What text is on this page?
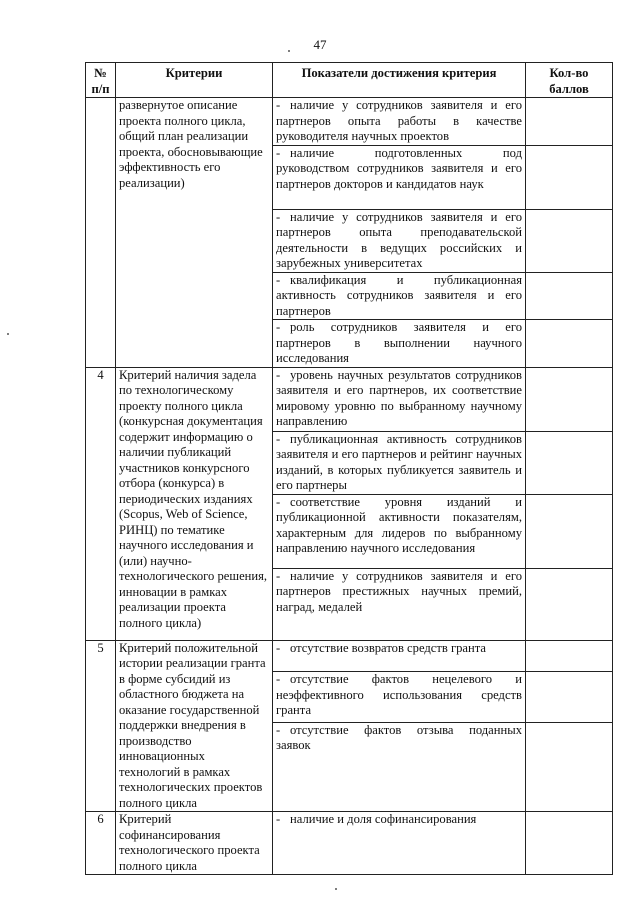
47
№ п/п	Критерии	Показатели достижения критерия	Кол-во баллов
	развернутое описание проекта полного цикла, общий план реализации проекта, обосновывающие эффективность его реализации)	- наличие у сотрудников заявителя и его партнеров опыта работы в качестве руководителя научных проектов	
		- наличие подготовленных под руководством сотрудников заявителя и его партнеров докторов и кандидатов наук	
		- наличие у сотрудников заявителя и его партнеров опыта преподавательской деятельности в ведущих российских и зарубежных университетах	
		- квалификация и публикационная активность сотрудников заявителя и его партнеров	
		- роль сотрудников заявителя и его партнеров в выполнении научного исследования	
4	Критерий наличия задела по технологическому проекту полного цикла (конкурсная документация содержит информацию о наличии публикаций участников конкурсного отбора (конкурса) в периодических изданиях (Scopus, Web of Science, РИНЦ) по тематике научного исследования и (или) научно-технологического решения, инновации в рамках реализации проекта полного цикла)	- уровень научных результатов сотрудников заявителя и его партнеров, их соответствие мировому уровню по выбранному научному направлению	
		- публикационная активность сотрудников заявителя и его партнеров и рейтинг научных изданий, в которых публикуется заявитель и его партнеры	
		- соответствие уровня изданий и публикационной активности показателям, характерным для лидеров по выбранному направлению научного исследования	
		- наличие у сотрудников заявителя и его партнеров престижных научных премий, наград, медалей	
5	Критерий положительной истории реализации гранта в форме субсидий из областного бюджета на оказание государственной поддержки внедрения в производство инновационных технологий в рамках технологических проектов полного цикла	- отсутствие возвратов средств гранта	
		- отсутствие фактов нецелевого и неэффективного использования средств гранта	
		- отсутствие фактов отзыва поданных заявок	
6	Критерий софинансирования технологического проекта полного цикла	- наличие и доля софинансирования	
